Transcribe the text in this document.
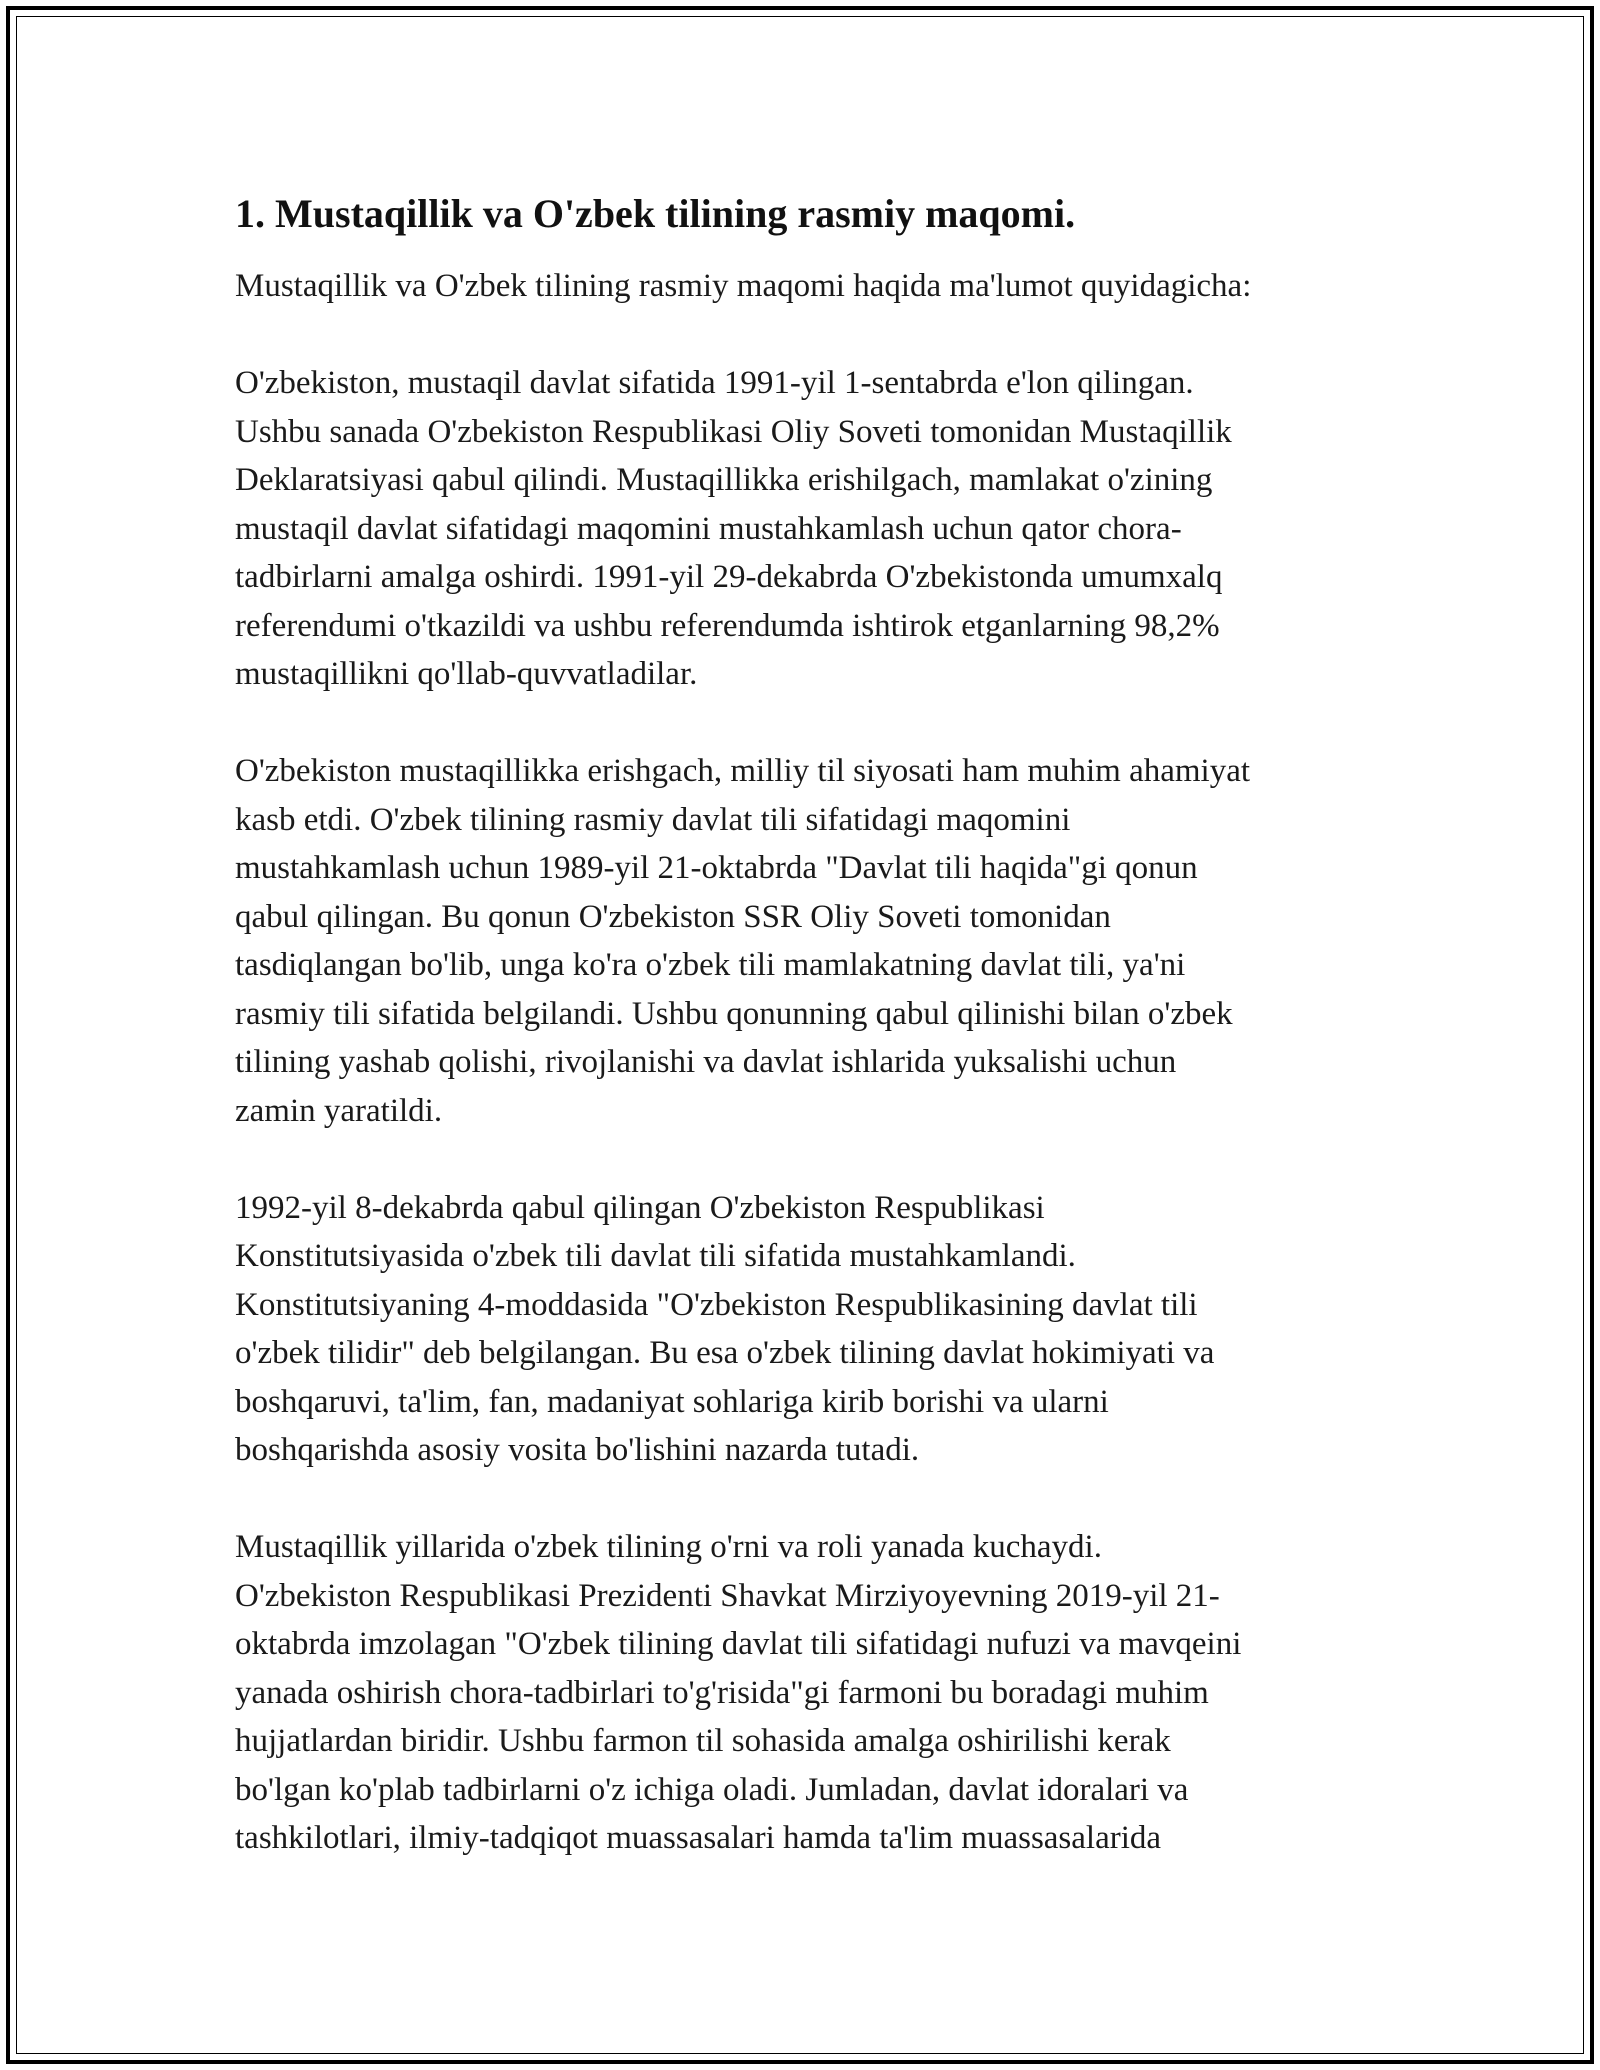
1. Mustaqillik va O'zbek tilining rasmiy maqomi.

Mustaqillik va O'zbek tilining rasmiy maqomi haqida ma'lumot quyidagicha:

O'zbekiston, mustaqil davlat sifatida 1991-yil 1-sentabrda e'lon qilingan.
Ushbu sanada O'zbekiston Respublikasi Oliy Soveti tomonidan Mustaqillik
Deklaratsiyasi qabul qilindi. Mustaqillikka erishilgach, mamlakat o'zining
mustaqil davlat sifatidagi maqomini mustahkamlash uchun qator chora-
tadbirlarni amalga oshirdi. 1991-yil 29-dekabrda O'zbekistonda umumxalq
referendumi o'tkazildi va ushbu referendumda ishtirok etganlarning 98,2%
mustaqillikni qo'llab-quvvatladilar.

O'zbekiston mustaqillikka erishgach, milliy til siyosati ham muhim ahamiyat
kasb etdi. O'zbek tilining rasmiy davlat tili sifatidagi maqomini
mustahkamlash uchun 1989-yil 21-oktabrda "Davlat tili haqida"gi qonun
qabul qilingan. Bu qonun O'zbekiston SSR Oliy Soveti tomonidan
tasdiqlangan bo'lib, unga ko'ra o'zbek tili mamlakatning davlat tili, ya'ni
rasmiy tili sifatida belgilandi. Ushbu qonunning qabul qilinishi bilan o'zbek
tilining yashab qolishi, rivojlanishi va davlat ishlarida yuksalishi uchun
zamin yaratildi.

1992-yil 8-dekabrda qabul qilingan O'zbekiston Respublikasi
Konstitutsiyasida o'zbek tili davlat tili sifatida mustahkamlandi.
Konstitutsiyaning 4-moddasida "O'zbekiston Respublikasining davlat tili
o'zbek tilidir" deb belgilangan. Bu esa o'zbek tilining davlat hokimiyati va
boshqaruvi, ta'lim, fan, madaniyat sohlariga kirib borishi va ularni
boshqarishda asosiy vosita bo'lishini nazarda tutadi.

Mustaqillik yillarida o'zbek tilining o'rni va roli yanada kuchaydi.
O'zbekiston Respublikasi Prezidenti Shavkat Mirziyoyevning 2019-yil 21-
oktabrda imzolagan "O'zbek tilining davlat tili sifatidagi nufuzi va mavqeini
yanada oshirish chora-tadbirlari to'g'risida"gi farmoni bu boradagi muhim
hujjatlardan biridir. Ushbu farmon til sohasida amalga oshirilishi kerak
bo'lgan ko'plab tadbirlarni o'z ichiga oladi. Jumladan, davlat idoralari va
tashkilotlari, ilmiy-tadqiqot muassasalari hamda ta'lim muassasalarida
